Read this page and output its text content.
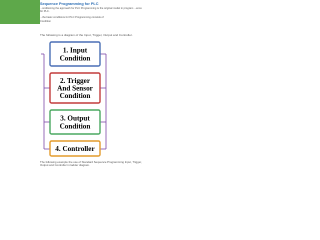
Sequence Programming for PLC
...onditioning the approach for PLC Programming is the original model in program ...ence for PLC.
...the basic conditions for PLC Programming consists of
Condition
The following is a diagram of the Input, Trigger, Output and Controller.
1. Input
Condition
2. Trigger
And Sensor
Condition
3. Output
Condition
4. Controller
The following example the use of Standard Sequence Programming Input, Trigger, Output and Controller in ladder diagram.
